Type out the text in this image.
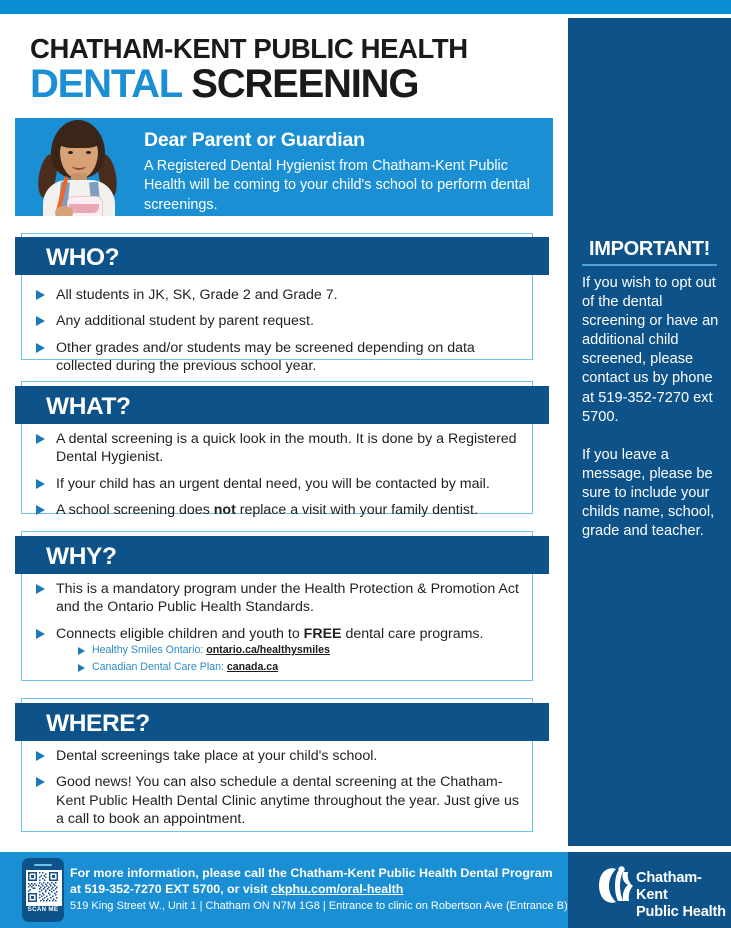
CHATHAM-KENT PUBLIC HEALTH
DENTAL SCREENING
Dear Parent or Guardian
A Registered Dental Hygienist from Chatham-Kent Public Health will be coming to your child's school to perform dental screenings.
WHO?
All students in JK, SK, Grade 2 and Grade 7.
Any additional student by parent request.
Other grades and/or students may be screened depending on data collected during the previous school year.
WHAT?
A dental screening is a quick look in the mouth. It is done by a Registered Dental Hygienist.
If your child has an urgent dental need, you will be contacted by mail.
A school screening does not replace a visit with your family dentist.
WHY?
This is a mandatory program under the Health Protection & Promotion Act and the Ontario Public Health Standards.
Connects eligible children and youth to FREE dental care programs.
Healthy Smiles Ontario: ontario.ca/healthysmiles
Canadian Dental Care Plan: canada.ca
WHERE?
Dental screenings take place at your child's school.
Good news! You can also schedule a dental screening at the Chatham-Kent Public Health Dental Clinic anytime throughout the year. Just give us a call to book an appointment.
IMPORTANT!

If you wish to opt out of the dental screening or have an additional child screened, please contact us by phone at 519-352-7270 ext 5700.

If you leave a message, please be sure to include your childs name, school, grade and teacher.

SCAN ME
For more information, please call the Chatham-Kent Public Health Dental Program at 519-352-7270 EXT 5700, or visit ckphu.com/oral-health
519 King Street W., Unit 1 | Chatham ON N7M 1G8 | Entrance to clinic on Robertson Ave (Entrance B)
Chatham-Kent
Public Health
